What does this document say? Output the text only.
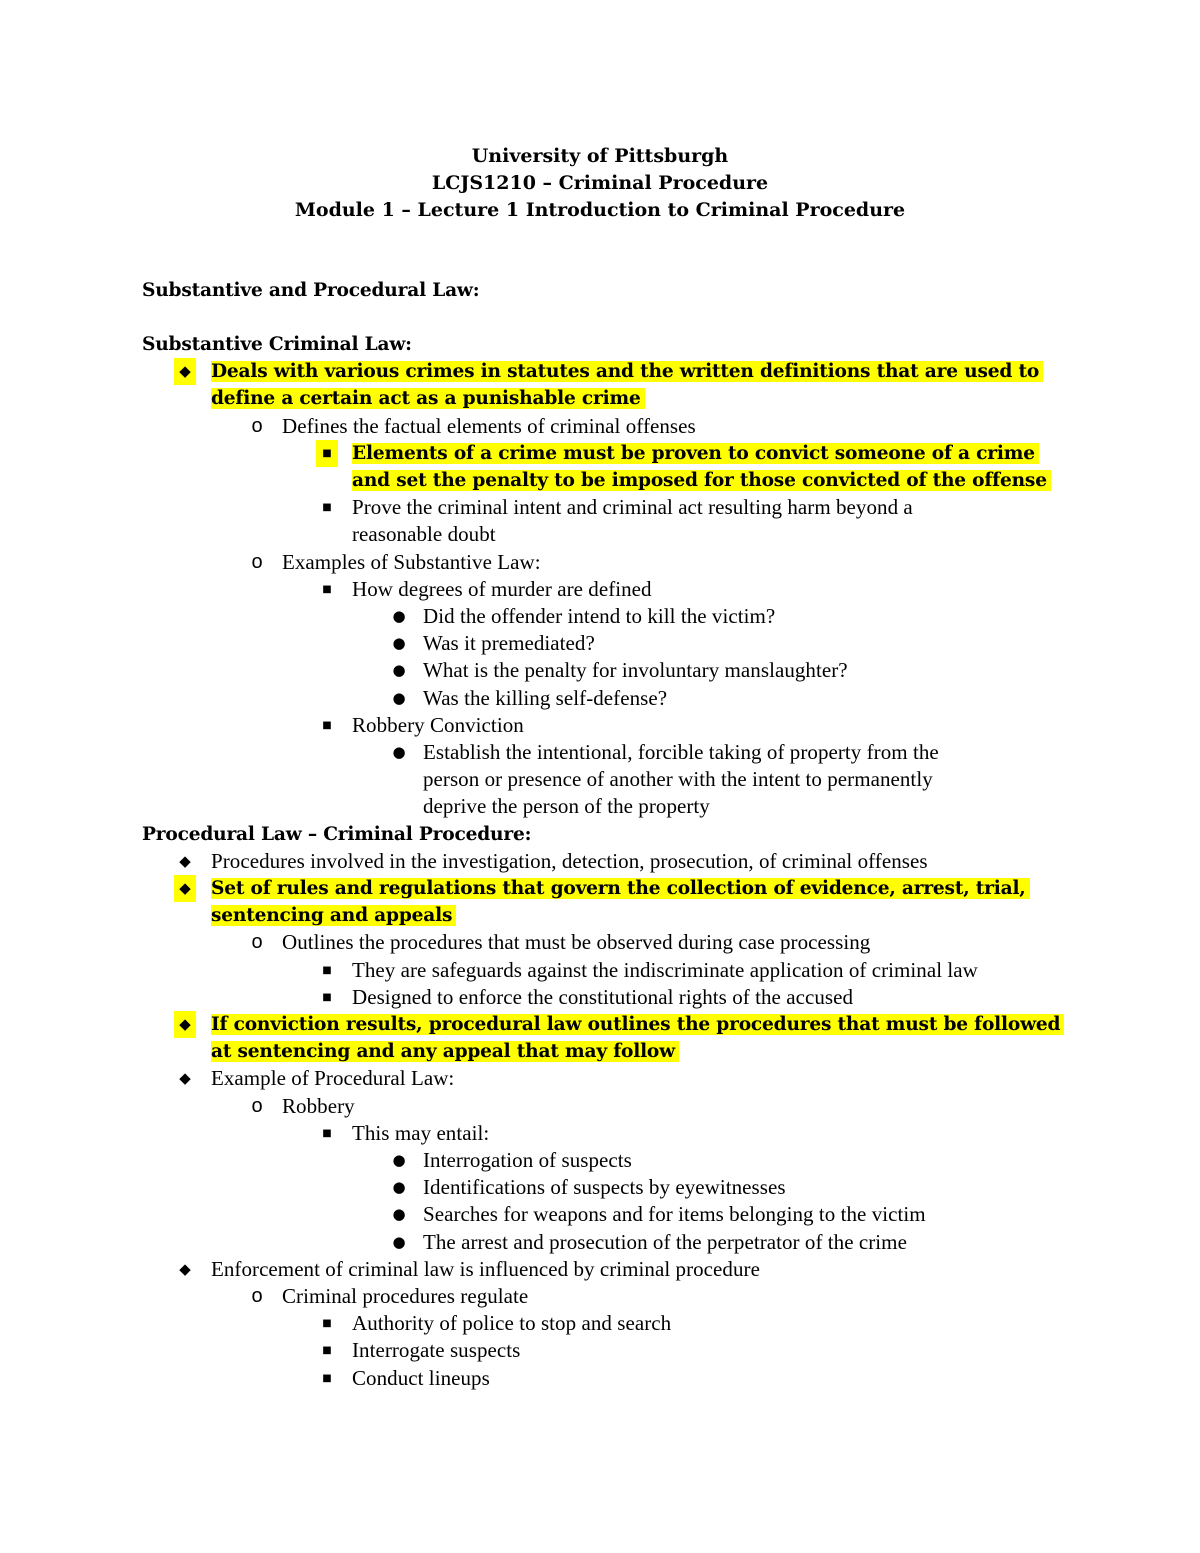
University of Pittsburgh
LCJS1210 – Criminal Procedure
Module 1 – Lecture 1 Introduction to Criminal Procedure
Substantive and Procedural Law:
Substantive Criminal Law:
◆ Deals with various crimes in statutes and the written definitions that are used to
define a certain act as a punishable crime
o Defines the factual elements of criminal offenses
■	Elements of a crime must be proven to convict someone of a crime
and set the penalty to be imposed for those convicted of the offense
■ Prove the criminal intent and criminal act resulting harm beyond a
reasonable doubt
o Examples of Substantive Law:
■ How degrees of murder are defined
● Did the offender intend to kill the victim?
● Was it premediated?
● What is the penalty for involuntary manslaughter?
● Was the killing self-defense?
■ Robbery Conviction
● Establish the intentional, forcible taking of property from the
person or presence of another with the intent to permanently
deprive the person of the property
Procedural Law – Criminal Procedure:
◆ Procedures involved in the investigation, detection, prosecution, of criminal offenses
◆ Set of rules and regulations that govern the collection of evidence, arrest, trial,
sentencing and appeals
o Outlines the procedures that must be observed during case processing
■ They are safeguards against the indiscriminate application of criminal law
■ Designed to enforce the constitutional rights of the accused
◆ If conviction results, procedural law outlines the procedures that must be followed
at sentencing and any appeal that may follow
◆ Example of Procedural Law:
o Robbery
■ This may entail:
● Interrogation of suspects
● Identifications of suspects by eyewitnesses
● Searches for weapons and for items belonging to the victim
● The arrest and prosecution of the perpetrator of the crime
◆ Enforcement of criminal law is influenced by criminal procedure
o Criminal procedures regulate
■ Authority of police to stop and search
■ Interrogate suspects
■ Conduct lineups
